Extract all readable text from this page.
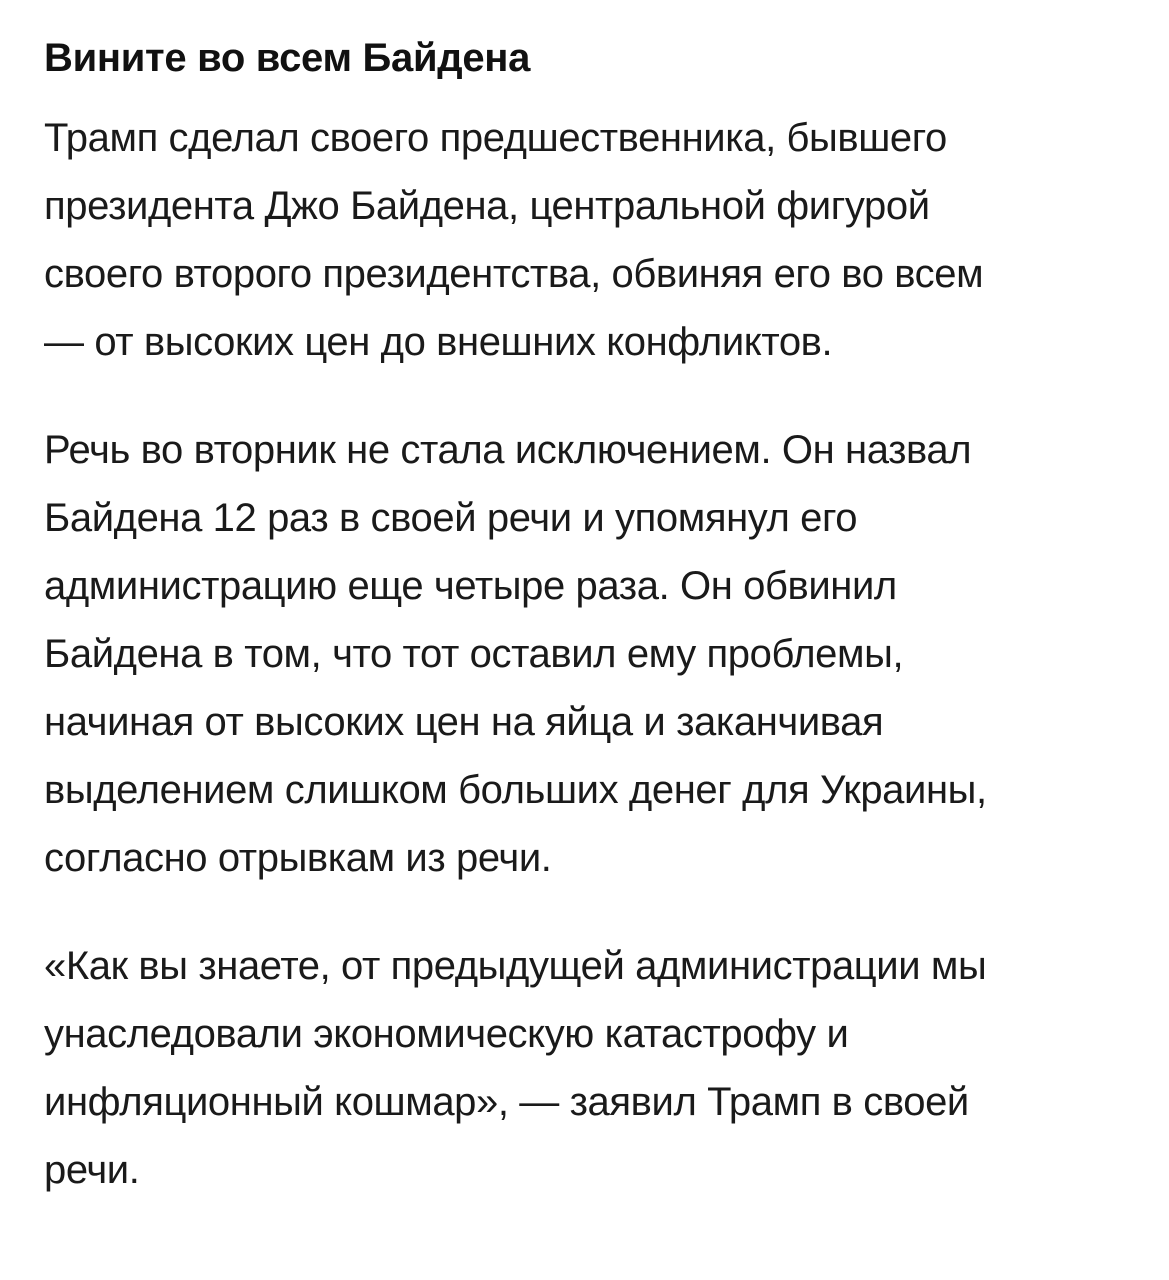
Вините во всем Байдена

Трамп сделал своего предшественника, бывшего
президента Джо Байдена, центральной фигурой
своего второго президентства, обвиняя его во всем
— от высоких цен до внешних конфликтов.

Речь во вторник не стала исключением. Он назвал
Байдена 12 раз в своей речи и упомянул его
администрацию еще четыре раза. Он обвинил
Байдена в том, что тот оставил ему проблемы,
начиная от высоких цен на яйца и заканчивая
выделением слишком больших денег для Украины,
согласно отрывкам из речи.

«Как вы знаете, от предыдущей администрации мы
унаследовали экономическую катастрофу и
инфляционный кошмар», — заявил Трамп в своей
речи.
